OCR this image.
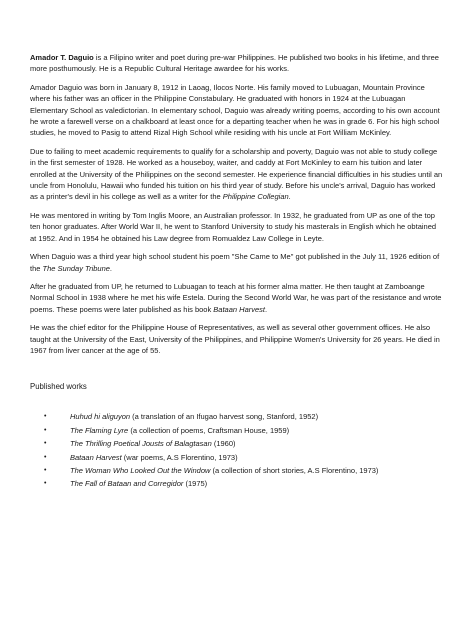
Amador T. Daguio is a Filipino writer and poet during pre-war Philippines. He published two books in his lifetime, and three more posthumously. He is a Republic Cultural Heritage awardee for his works.

Amador Daguio was born in January 8, 1912 in Laoag, Ilocos Norte. His family moved to Lubuagan, Mountain Province where his father was an officer in the Philippine Constabulary. He graduated with honors in 1924 at the Lubuagan Elementary School as valedictorian. In elementary school, Daguio was already writing poems, according to his own account he wrote a farewell verse on a chalkboard at least once for a departing teacher when he was in grade 6. For his high school studies, he moved to Pasig to attend Rizal High School while residing with his uncle at Fort William McKinley.

Due to failing to meet academic requirements to qualify for a scholarship and poverty, Daguio was not able to study college in the first semester of 1928. He worked as a houseboy, waiter, and caddy at Fort McKinley to earn his tuition and later enrolled at the University of the Philippines on the second semester. He experience financial difficulties in his studies until an uncle from Honolulu, Hawaii who funded his tuition on his third year of study. Before his uncle's arrival, Daguio has worked as a printer's devil in his college as well as a writer for the Philippine Collegian.

He was mentored in writing by Tom Inglis Moore, an Australian professor. In 1932, he graduated from UP as one of the top ten honor graduates. After World War II, he went to Stanford University to study his masterals in English which he obtained at 1952. And in 1954 he obtained his Law degree from Romualdez Law College in Leyte.

When Daguio was a third year high school student his poem "She Came to Me" got published in the July 11, 1926 edition of the The Sunday Tribune.

After he graduated from UP, he returned to Lubuagan to teach at his former alma matter. He then taught at Zamboange Normal School in 1938 where he met his wife Estela. During the Second World War, he was part of the resistance and wrote poems. These poems were later published as his book Bataan Harvest.

He was the chief editor for the Philippine House of Representatives, as well as several other government offices. He also taught at the University of the East, University of the Philippines, and Philippine Women's University for 26 years. He died in 1967 from liver cancer at the age of 55.

Published works
•	Huhud hi aliguyon (a translation of an Ifugao harvest song, Stanford, 1952)
•	The Flaming Lyre (a collection of poems, Craftsman House, 1959)
•	The Thrilling Poetical Jousts of Balagtasan (1960)
•	Bataan Harvest (war poems, A.S Florentino, 1973)
•	The Woman Who Looked Out the Window (a collection of short stories, A.S Florentino, 1973)
•	The Fall of Bataan and Corregidor (1975)
